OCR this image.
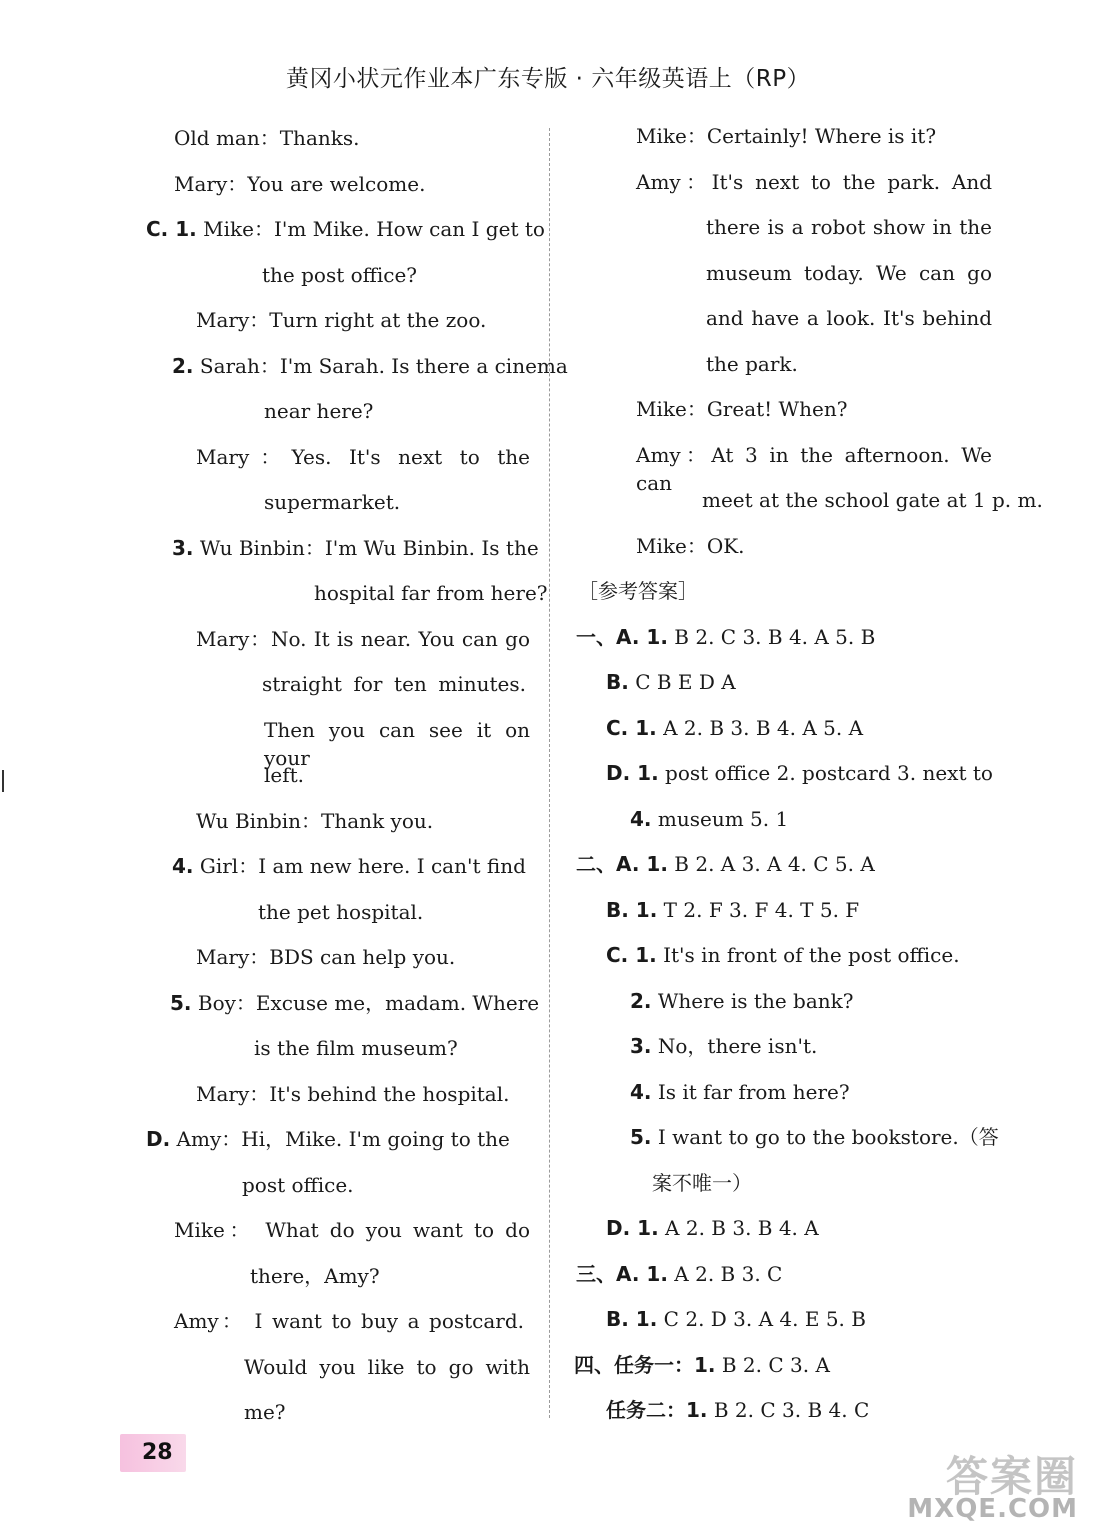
黄冈小状元作业本广东专版 · 六年级英语上（RP）
Old man：Thanks.
Mary：You are welcome.
C. 1. Mike：I'm Mike. How can I get to
the post office?
Mary：Turn right at the zoo.
2. Sarah：I'm Sarah. Is there a cinema
near here?
Mary：Yes. It's next to the
supermarket.
3. Wu Binbin：I'm Wu Binbin. Is the
hospital far from here?
Mary：No. It is near. You can go
straight for ten minutes.
Then you can see it on your
left.
Wu Binbin：Thank you.
4. Girl：I am new here. I can't find
the pet hospital.
Mary：BDS can help you.
5. Boy：Excuse me，madam. Where
is the film museum?
Mary：It's behind the hospital.
D. Amy：Hi，Mike. I'm going to the
post office.
Mike： What do you want to do
there，Amy?
Amy： I want to buy a postcard.
Would you like to go with
me?
Mike：Certainly! Where is it?
Amy：It's next to the park. And
there is a robot show in the
museum today. We can go
and have a look. It's behind
the park.
Mike：Great! When?
Amy：At 3 in the afternoon. We can
meet at the school gate at 1 p. m.
Mike：OK.
［参考答案］
一、A. 1. B 2. C 3. B 4. A 5. B
B. C B E D A
C. 1. A 2. B 3. B 4. A 5. A
D. 1. post office 2. postcard 3. next to
4. museum 5. 1
二、A. 1. B 2. A 3. A 4. C 5. A
B. 1. T 2. F 3. F 4. T 5. F
C. 1. It's in front of the post office.
2. Where is the bank?
3. No，there isn't.
4. Is it far from here?
5. I want to go to the bookstore.（答
案不唯一）
D. 1. A 2. B 3. B 4. A
三、A. 1. A 2. B 3. C
B. 1. C 2. D 3. A 4. E 5. B
四、任务一：1. B 2. C 3. A
任务二：1. B 2. C 3. B 4. C
28	答案圈
MXQE.COM
